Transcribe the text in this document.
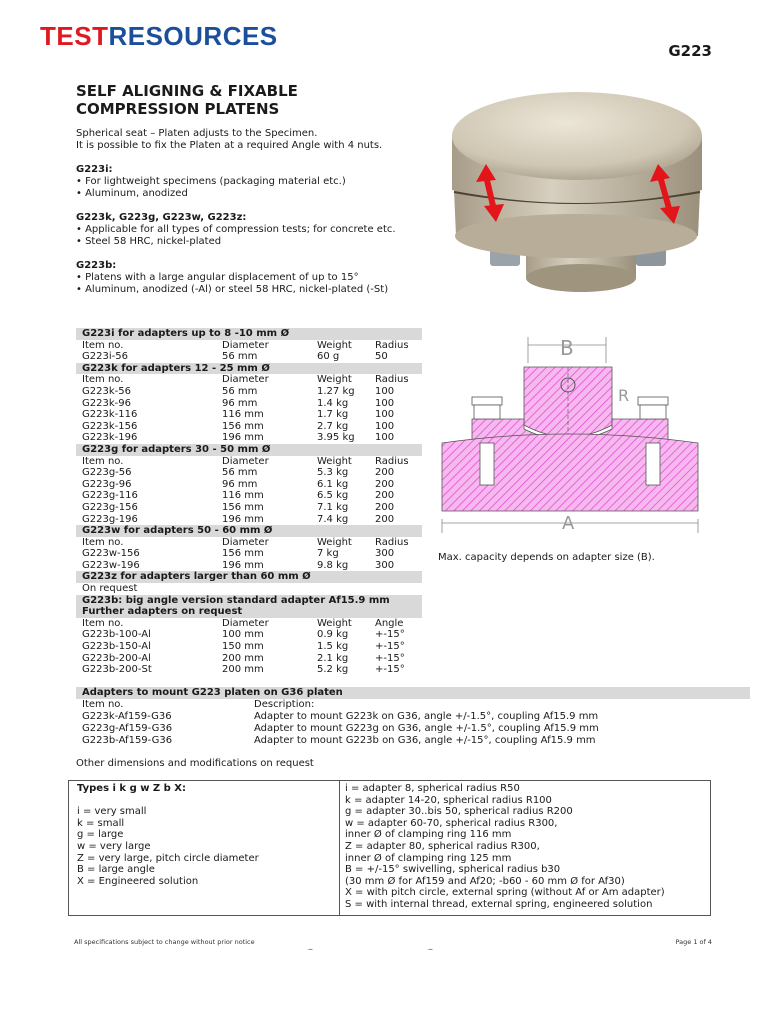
TESTRESOURCES	G223
SELF ALIGNING & FIXABLE
COMPRESSION PLATENS

Spherical seat – Platen adjusts to the Specimen.

It is possible to fix the Platen at a required Angle with 4 nuts.

G223i:

• For lightweight specimens (packaging material etc.)

• Aluminum, anodized

G223k, G223g, G223w, G223z:

• Applicable for all types of compression tests; for concrete etc.

• Steel 58 HRC, nickel-plated

G223b:

• Platens with a large angular displacement of up to 15°

• Aluminum, anodized (-Al) or steel 58 HRC, nickel-plated (-St)

G223i for adapters up to 8 -10 mm Ø
Item no.	Diameter	Weight	Radius
G223i-56	56 mm	60 g	50
G223k for adapters 12 - 25 mm Ø
Item no.	Diameter	Weight	Radius
G223k-56	56 mm	1.27 kg	100
G223k-96	96 mm	1.4 kg	100
G223k-116	116 mm	1.7 kg	100
G223k-156	156 mm	2.7 kg	100
G223k-196	196 mm	3.95 kg	100
G223g for adapters 30 - 50 mm Ø
Item no.	Diameter	Weight	Radius
G223g-56	56 mm	5.3 kg	200
G223g-96	96 mm	6.1 kg	200
G223g-116	116 mm	6.5 kg	200
G223g-156	156 mm	7.1 kg	200
G223g-196	196 mm	7.4 kg	200
G223w for adapters 50 - 60 mm Ø
Item no.	Diameter	Weight	Radius
G223w-156	156 mm	7 kg	300
G223w-196	196 mm	9.8 kg	300
G223z for adapters larger than 60 mm Ø
On request
G223b: big angle version standard adapter Af15.9 mm
Further adapters on request
Item no.	Diameter	Weight	Angle
G223b-100-Al	100 mm	0.9 kg	+-15°
G223b-150-Al	150 mm	1.5 kg	+-15°
G223b-200-Al	200 mm	2.1 kg	+-15°
G223b-200-St	200 mm	5.2 kg	+-15°
B
R
A
Max. capacity depends on adapter size (B).
Adapters to mount G223 platen on G36 platen
Item no.	Description:
G223k-Af159-G36	Adapter to mount G223k on G36, angle +/-1.5°, coupling Af15.9 mm
G223g-Af159-G36	Adapter to mount G223g on G36, angle +/-1.5°, coupling Af15.9 mm
G223b-Af159-G36	Adapter to mount G223b on G36, angle +/-15°, coupling Af15.9 mm
Other dimensions and modifications on request
Types i k g w Z b X:

i = very small
k = small
g = large
w = very large
Z = very large, pitch circle diameter
B = large angle
X = Engineered solution
i = adapter 8, spherical radius R50
k = adapter 14-20, spherical radius R100
g = adapter 30..bis 50, spherical radius R200
w = adapter 60-70, spherical radius R300,
inner Ø of clamping ring 116 mm
Z = adapter 80, spherical radius R300,
inner Ø of clamping ring 125 mm
B = +/-15° swivelling, spherical radius b30
(30 mm Ø for Af159 and Af20; -b60 - 60 mm Ø for Af30)
X = with pitch circle, external spring (without Af or Am adapter)
S = with internal thread, external spring, engineered solution
All specifications subject to change without prior notice	Page 1 of 4
–	–
